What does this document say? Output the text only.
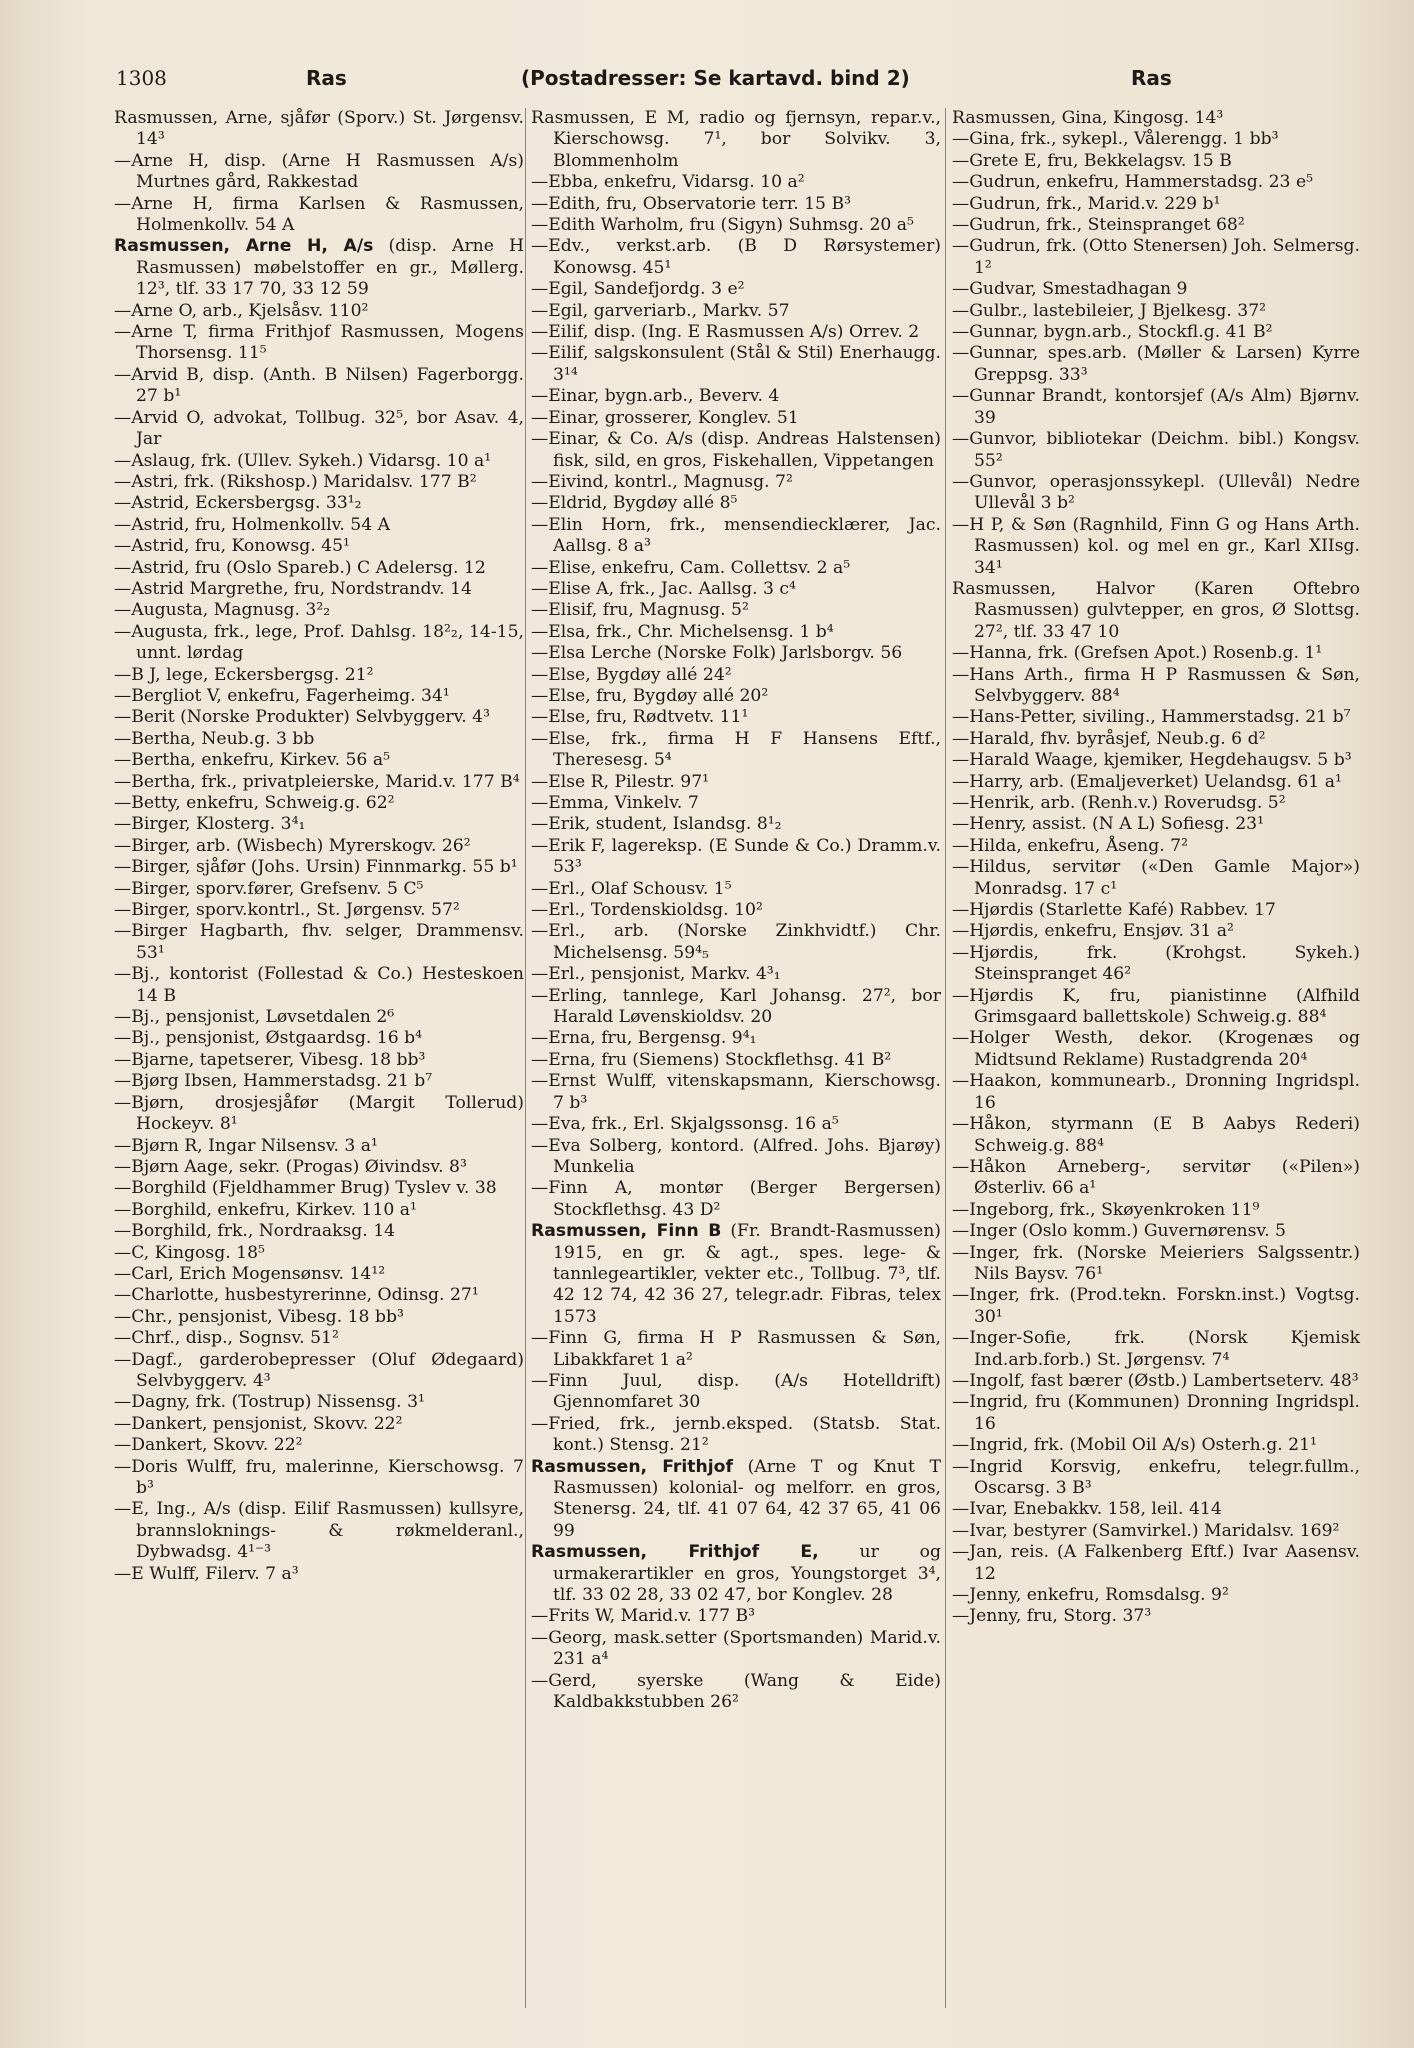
1308	Ras	(Postadresser: Se kartavd. bind 2)	Ras
Rasmussen, Arne, sjåfør (Sporv.) St. Jørgensv. 14³
—Arne H, disp. (Arne H Rasmussen A/s) Murtnes gård, Rakkestad
—Arne H, firma Karlsen & Rasmussen, Holmenkollv. 54 A
Rasmussen, Arne H, A/s (disp. Arne H Rasmussen) møbelstoffer en gr., Møllerg. 12³, tlf. 33 17 70, 33 12 59
—Arne O, arb., Kjelsåsv. 110²
—Arne T, firma Frithjof Rasmussen, Mogens Thorsensg. 11⁵
—Arvid B, disp. (Anth. B Nilsen) Fagerborgg. 27 b¹
—Arvid O, advokat, Tollbug. 32⁵, bor Asav. 4, Jar
—Aslaug, frk. (Ullev. Sykeh.) Vidarsg. 10 a¹
—Astri, frk. (Rikshosp.) Maridalsv. 177 B²
—Astrid, Eckersbergsg. 33¹₂
—Astrid, fru, Holmenkollv. 54 A
—Astrid, fru, Konowsg. 45¹
—Astrid, fru (Oslo Spareb.) C Adelersg. 12
—Astrid Margrethe, fru, Nordstrandv. 14
—Augusta, Magnusg. 3²₂
—Augusta, frk., lege, Prof. Dahlsg. 18²₂, 14-15, unnt. lørdag
—B J, lege, Eckersbergsg. 21²
—Bergliot V, enkefru, Fagerheimg. 34¹
—Berit (Norske Produkter) Selvbyggerv. 4³
—Bertha, Neub.g. 3 bb
—Bertha, enkefru, Kirkev. 56 a⁵
—Bertha, frk., privatpleierske, Marid.v. 177 B⁴
—Betty, enkefru, Schweig.g. 62²
—Birger, Klosterg. 3⁴₁
—Birger, arb. (Wisbech) Myrerskogv. 26²
—Birger, sjåfør (Johs. Ursin) Finnmarkg. 55 b¹
—Birger, sporv.fører, Grefsenv. 5 C⁵
—Birger, sporv.kontrl., St. Jørgensv. 57²
—Birger Hagbarth, fhv. selger, Drammensv. 53¹
—Bj., kontorist (Follestad & Co.) Hesteskoen 14 B
—Bj., pensjonist, Løvsetdalen 2⁶
—Bj., pensjonist, Østgaardsg. 16 b⁴
—Bjarne, tapetserer, Vibesg. 18 bb³
—Bjørg Ibsen, Hammerstadsg. 21 b⁷
—Bjørn, drosjesjåfør (Margit Tollerud) Hockeyv. 8¹
—Bjørn R, Ingar Nilsensv. 3 a¹
—Bjørn Aage, sekr. (Progas) Øivindsv. 8³
—Borghild (Fjeldhammer Brug) Tyslev v. 38
—Borghild, enkefru, Kirkev. 110 a¹
—Borghild, frk., Nordraaksg. 14
—C, Kingosg. 18⁵
—Carl, Erich Mogensønsv. 14¹²
—Charlotte, husbestyrerinne, Odinsg. 27¹
—Chr., pensjonist, Vibesg. 18 bb³
—Chrf., disp., Sognsv. 51²
—Dagf., garderobepresser (Oluf Ødegaard) Selvbyggerv. 4³
—Dagny, frk. (Tostrup) Nissensg. 3¹
—Dankert, pensjonist, Skovv. 22²
—Dankert, Skovv. 22²
—Doris Wulff, fru, malerinne, Kierschowsg. 7 b³
—E, Ing., A/s (disp. Eilif Rasmussen) kullsyre, brannsloknings- & røkmelderanl., Dybwadsg. 4¹⁻³
—E Wulff, Filerv. 7 a³
Rasmussen, E M, radio og fjernsyn, repar.v., Kierschowsg. 7¹, bor Solvikv. 3, Blommenholm
—Ebba, enkefru, Vidarsg. 10 a²
—Edith, fru, Observatorie terr. 15 B³
—Edith Warholm, fru (Sigyn) Suhmsg. 20 a⁵
—Edv., verkst.arb. (B D Rørsystemer) Konowsg. 45¹
—Egil, Sandefjordg. 3 e²
—Egil, garveriarb., Markv. 57
—Eilif, disp. (Ing. E Rasmussen A/s) Orrev. 2
—Eilif, salgskonsulent (Stål & Stil) Enerhaugg. 3¹⁴
—Einar, bygn.arb., Beverv. 4
—Einar, grosserer, Konglev. 51
—Einar, & Co. A/s (disp. Andreas Halstensen) fisk, sild, en gros, Fiskehallen, Vippetangen
—Eivind, kontrl., Magnusg. 7²
—Eldrid, Bygdøy allé 8⁵
—Elin Horn, frk., mensendiecklærer, Jac. Aallsg. 8 a³
—Elise, enkefru, Cam. Collettsv. 2 a⁵
—Elise A, frk., Jac. Aallsg. 3 c⁴
—Elisif, fru, Magnusg. 5²
—Elsa, frk., Chr. Michelsensg. 1 b⁴
—Elsa Lerche (Norske Folk) Jarlsborgv. 56
—Else, Bygdøy allé 24²
—Else, fru, Bygdøy allé 20²
—Else, fru, Rødtvetv. 11¹
—Else, frk., firma H F Hansens Eftf., Theresesg. 5⁴
—Else R, Pilestr. 97¹
—Emma, Vinkelv. 7
—Erik, student, Islandsg. 8¹₂
—Erik F, lagereksp. (E Sunde & Co.) Dramm.v. 53³
—Erl., Olaf Schousv. 1⁵
—Erl., Tordenskioldsg. 10²
—Erl., arb. (Norske Zinkhvidtf.) Chr. Michelsensg. 59⁴₅
—Erl., pensjonist, Markv. 4³₁
—Erling, tannlege, Karl Johansg. 27², bor Harald Løvenskioldsv. 20
—Erna, fru, Bergensg. 9⁴₁
—Erna, fru (Siemens) Stockflethsg. 41 B²
—Ernst Wulff, vitenskapsmann, Kierschowsg. 7 b³
—Eva, frk., Erl. Skjalgssonsg. 16 a⁵
—Eva Solberg, kontord. (Alfred. Johs. Bjarøy) Munkelia
—Finn A, montør (Berger Bergersen) Stockflethsg. 43 D²
Rasmussen, Finn B (Fr. Brandt-Rasmussen) 1915, en gr. & agt., spes. lege- & tannlegeartikler, vekter etc., Tollbug. 7³, tlf. 42 12 74, 42 36 27, telegr.adr. Fibras, telex 1573
—Finn G, firma H P Rasmussen & Søn, Libakkfaret 1 a²
—Finn Juul, disp. (A/s Hotelldrift) Gjennomfaret 30
—Fried, frk., jernb.eksped. (Statsb. Stat. kont.) Stensg. 21²
Rasmussen, Frithjof (Arne T og Knut T Rasmussen) kolonial- og melforr. en gros, Stenersg. 24, tlf. 41 07 64, 42 37 65, 41 06 99
Rasmussen, Frithjof E, ur og urmakerartikler en gros, Youngstorget 3⁴, tlf. 33 02 28, 33 02 47, bor Konglev. 28
—Frits W, Marid.v. 177 B³
—Georg, mask.setter (Sportsmanden) Marid.v. 231 a⁴
—Gerd, syerske (Wang & Eide) Kaldbakkstubben 26²
Rasmussen, Gina, Kingosg. 14³
—Gina, frk., sykepl., Vålerengg. 1 bb³
—Grete E, fru, Bekkelagsv. 15 B
—Gudrun, enkefru, Hammerstadsg. 23 e⁵
—Gudrun, frk., Marid.v. 229 b¹
—Gudrun, frk., Steinspranget 68²
—Gudrun, frk. (Otto Stenersen) Joh. Selmersg. 1²
—Gudvar, Smestadhagan 9
—Gulbr., lastebileier, J Bjelkesg. 37²
—Gunnar, bygn.arb., Stockfl.g. 41 B²
—Gunnar, spes.arb. (Møller & Larsen) Kyrre Greppsg. 33³
—Gunnar Brandt, kontorsjef (A/s Alm) Bjørnv. 39
—Gunvor, bibliotekar (Deichm. bibl.) Kongsv. 55²
—Gunvor, operasjonssykepl. (Ullevål) Nedre Ullevål 3 b²
—H P, & Søn (Ragnhild, Finn G og Hans Arth. Rasmussen) kol. og mel en gr., Karl XIIsg. 34¹
Rasmussen, Halvor (Karen Oftebro Rasmussen) gulvtepper, en gros, Ø Slottsg. 27², tlf. 33 47 10
—Hanna, frk. (Grefsen Apot.) Rosenb.g. 1¹
—Hans Arth., firma H P Rasmussen & Søn, Selvbyggerv. 88⁴
—Hans-Petter, siviling., Hammerstadsg. 21 b⁷
—Harald, fhv. byråsjef, Neub.g. 6 d²
—Harald Waage, kjemiker, Hegdehaugsv. 5 b³
—Harry, arb. (Emaljeverket) Uelandsg. 61 a¹
—Henrik, arb. (Renh.v.) Roverudsg. 5²
—Henry, assist. (N A L) Sofiesg. 23¹
—Hilda, enkefru, Åseng. 7²
—Hildus, servitør («Den Gamle Major») Monradsg. 17 c¹
—Hjørdis (Starlette Kafé) Rabbev. 17
—Hjørdis, enkefru, Ensjøv. 31 a²
—Hjørdis, frk. (Krohgst. Sykeh.) Steinspranget 46²
—Hjørdis K, fru, pianistinne (Alfhild Grimsgaard ballettskole) Schweig.g. 88⁴
—Holger Westh, dekor. (Krogenæs og Midtsund Reklame) Rustadgrenda 20⁴
—Haakon, kommunearb., Dronning Ingridspl. 16
—Håkon, styrmann (E B Aabys Rederi) Schweig.g. 88⁴
—Håkon Arneberg-, servitør («Pilen») Østerliv. 66 a¹
—Ingeborg, frk., Skøyenkroken 11⁹
—Inger (Oslo komm.) Guvernørensv. 5
—Inger, frk. (Norske Meieriers Salgssentr.) Nils Baysv. 76¹
—Inger, frk. (Prod.tekn. Forskn.inst.) Vogtsg. 30¹
—Inger-Sofie, frk. (Norsk Kjemisk Ind.arb.forb.) St. Jørgensv. 7⁴
—Ingolf, fast bærer (Østb.) Lambertseterv. 48³
—Ingrid, fru (Kommunen) Dronning Ingridspl. 16
—Ingrid, frk. (Mobil Oil A/s) Osterh.g. 21¹
—Ingrid Korsvig, enkefru, telegr.fullm., Oscarsg. 3 B³
—Ivar, Enebakkv. 158, leil. 414
—Ivar, bestyrer (Samvirkel.) Maridalsv. 169²
—Jan, reis. (A Falkenberg Eftf.) Ivar Aasensv. 12
—Jenny, enkefru, Romsdalsg. 9²
—Jenny, fru, Storg. 37³
